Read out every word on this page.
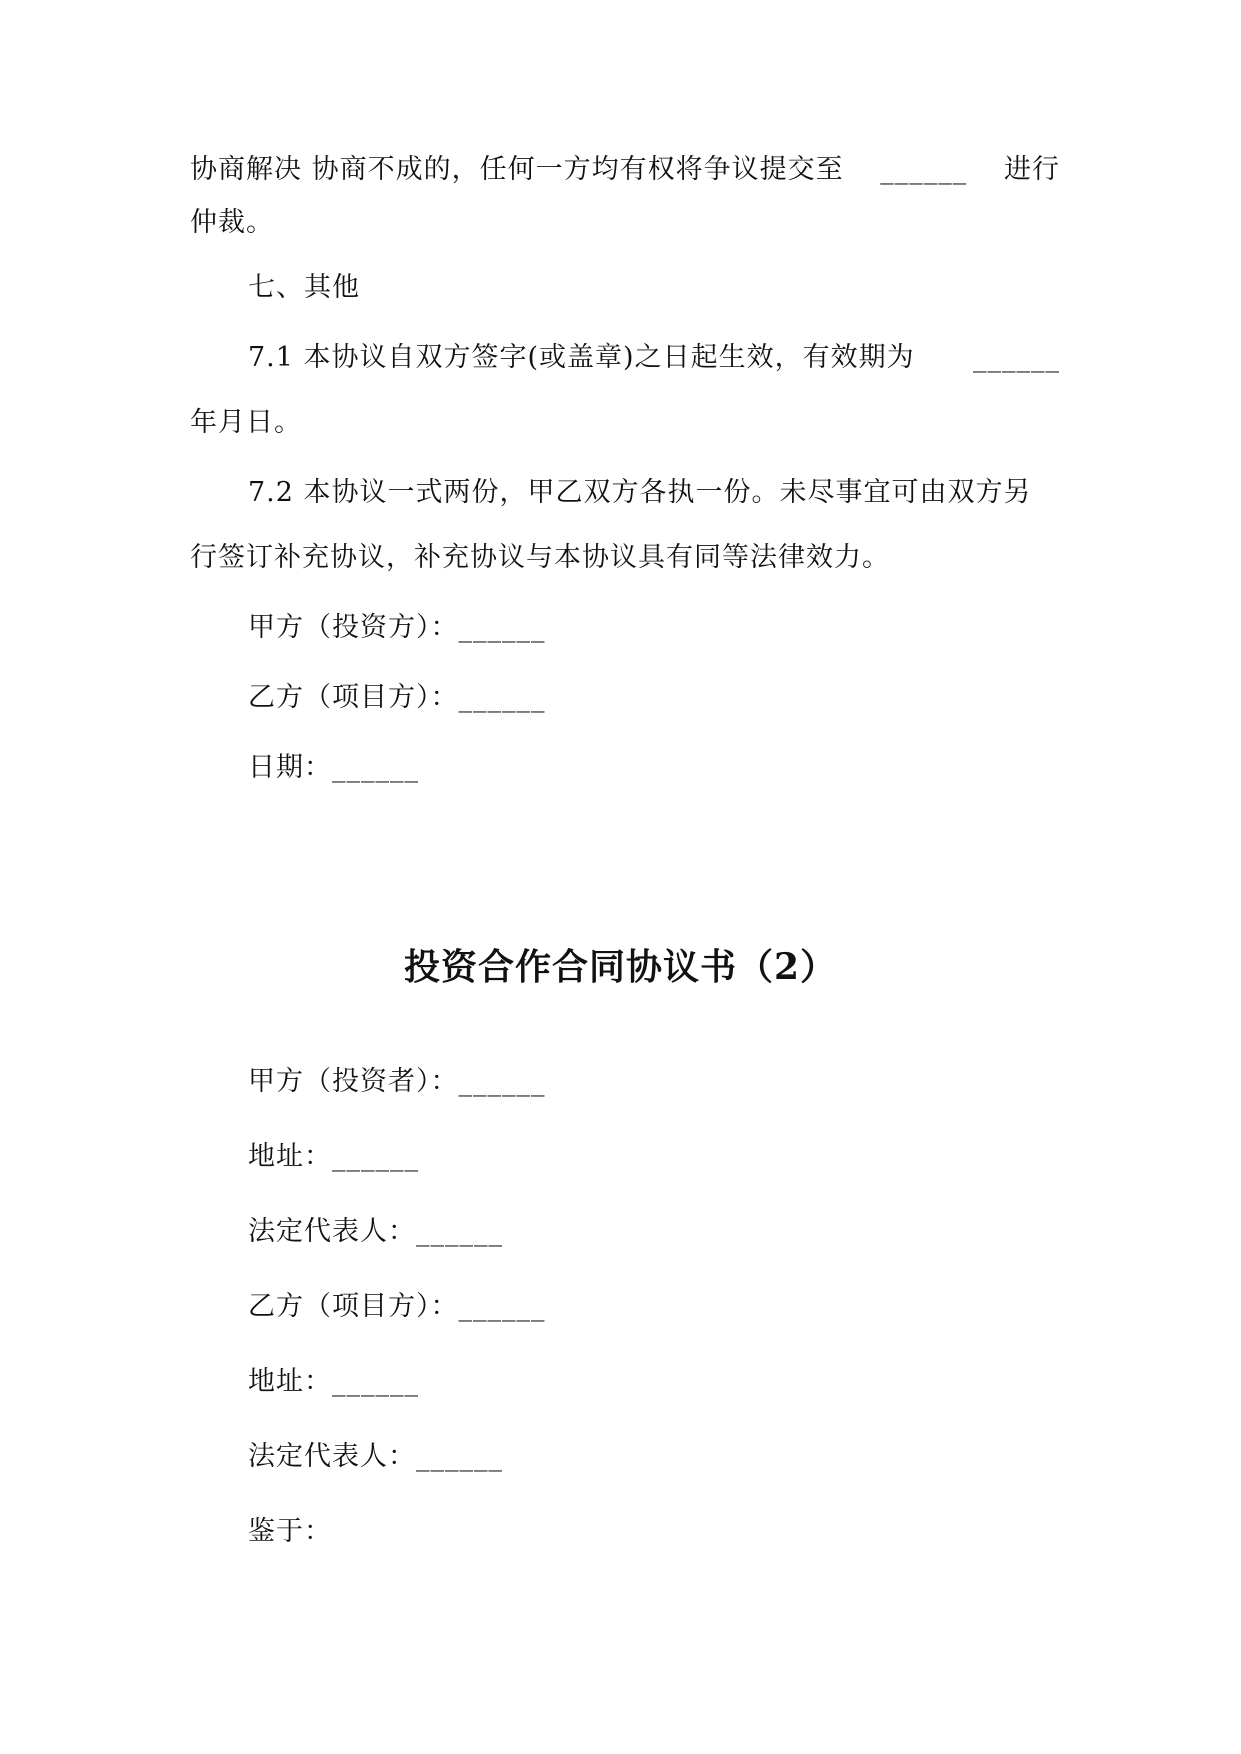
协商解决 协商不成的，任何一方均有权将争议提交至 ______ 进行
仲裁。
七、其他
7.1 本协议自双方签字(或盖章)之日起生效，有效期为 ______
年月日。
7.2 本协议一式两份，甲乙双方各执一份。未尽事宜可由双方另
行签订补充协议，补充协议与本协议具有同等法律效力。
甲方（投资方）：______
乙方（项目方）：______
日期：______
投资合作合同协议书（2）
甲方（投资者）：______
地址：______
法定代表人：______
乙方（项目方）：______
地址：______
法定代表人：______
鉴于：
